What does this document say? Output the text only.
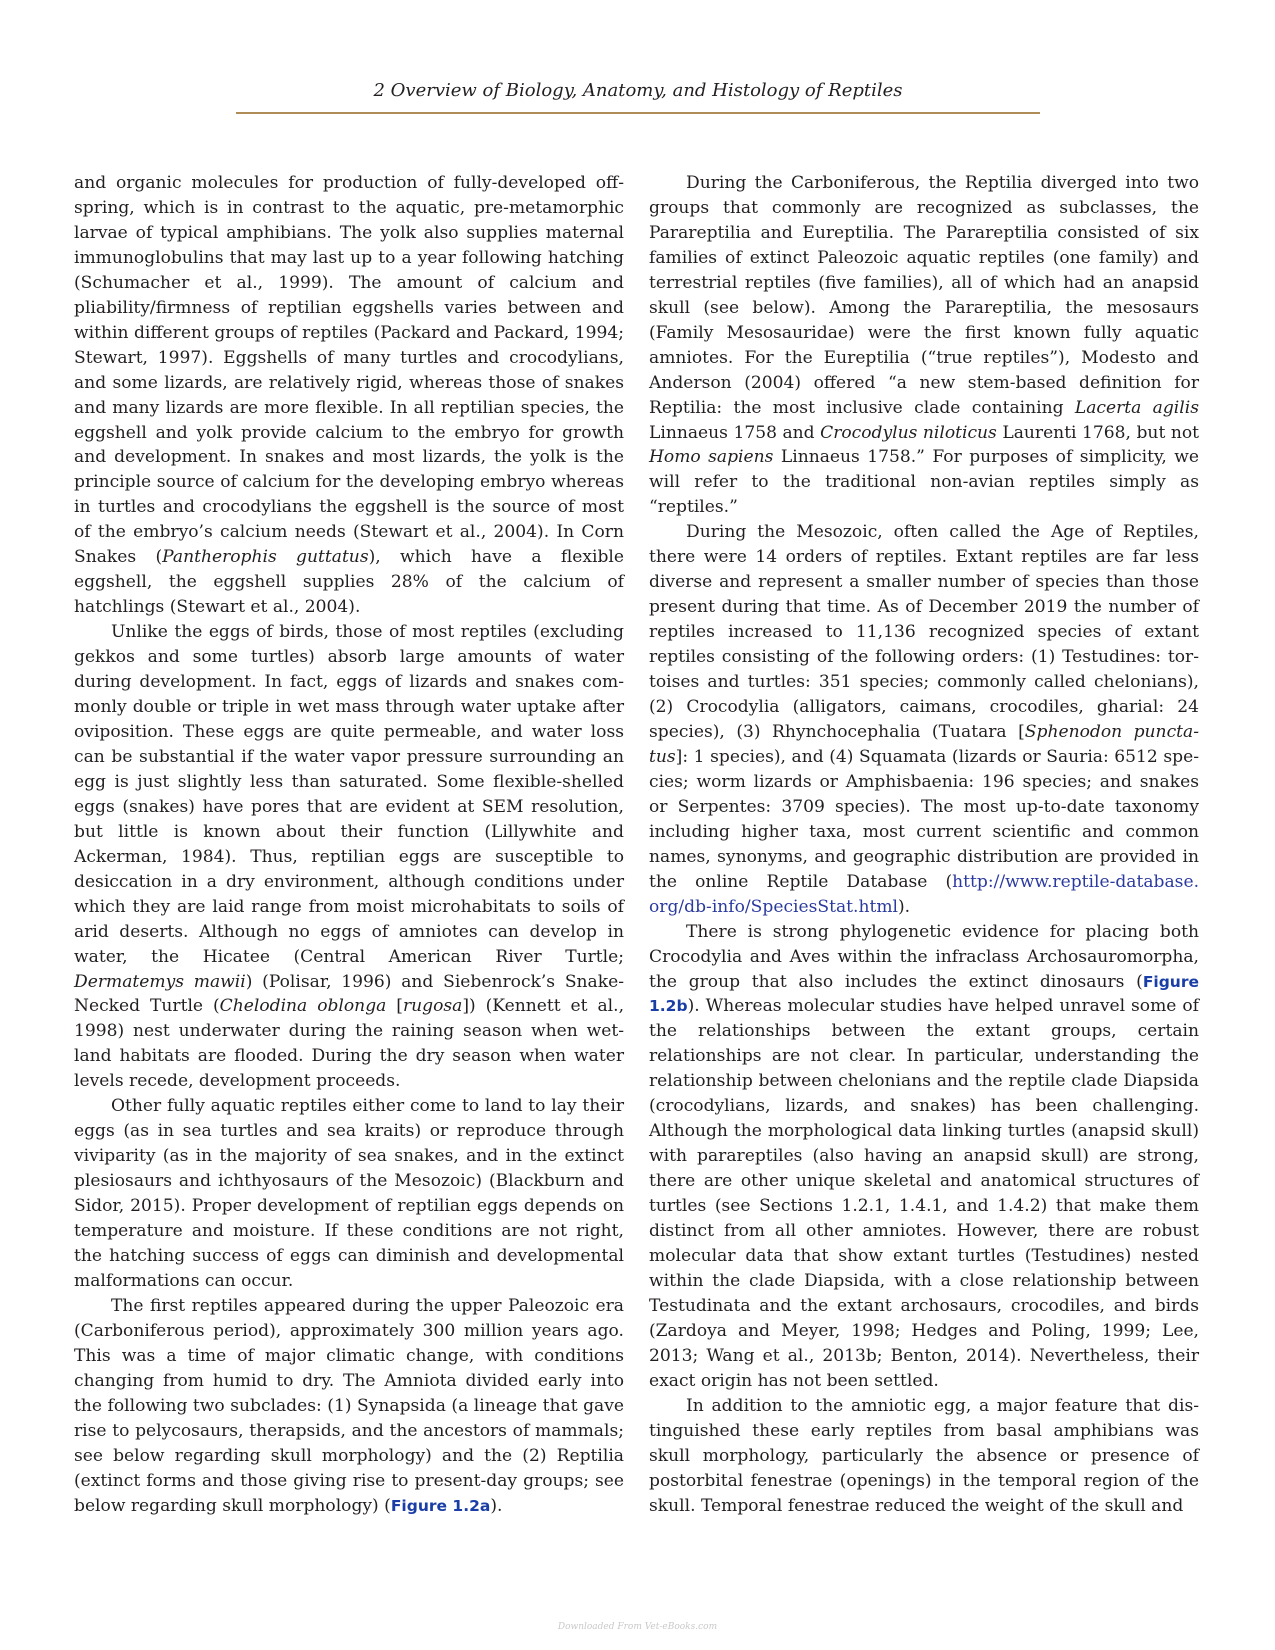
2 Overview of Biology, Anatomy, and Histology of Reptiles

and organic molecules for production of fully-developed offspring, which is in contrast to the aquatic, pre-metamorphic larvae of typical amphibians. The yolk also supplies maternal immunoglobulins that may last up to a year following hatching (Schumacher et al., 1999). The amount of calcium and pliability/firmness of reptilian eggshells varies between and within different groups of reptiles (Packard and Packard, 1994; Stewart, 1997). Eggshells of many turtles and crocodylians, and some lizards, are relatively rigid, whereas those of snakes and many lizards are more flexible. In all reptilian species, the eggshell and yolk provide calcium to the embryo for growth and development. In snakes and most lizards, the yolk is the principle source of calcium for the developing embryo whereas in turtles and crocodylians the eggshell is the source of most of the embryo’s calcium needs (Stewart et al., 2004). In Corn Snakes (Pantherophis guttatus), which have a flexible eggshell, the eggshell supplies 28% of the calcium of hatchlings (Stewart et al., 2004).

Unlike the eggs of birds, those of most reptiles (excluding gekkos and some turtles) absorb large amounts of water during development. In fact, eggs of lizards and snakes commonly double or triple in wet mass through water uptake after oviposition. These eggs are quite permeable, and water loss can be substantial if the water vapor pressure surrounding an egg is just slightly less than saturated. Some flexible-shelled eggs (snakes) have pores that are evident at SEM resolution, but little is known about their function (Lillywhite and Ackerman, 1984). Thus, reptilian eggs are susceptible to desiccation in a dry environment, although conditions under which they are laid range from moist microhabitats to soils of arid deserts. Although no eggs of amniotes can develop in water, the Hicatee (Central American River Turtle; Dermatemys mawii) (Polisar, 1996) and Siebenrock’s Snake-Necked Turtle (Chelodina oblonga [rugosa]) (Kennett et al., 1998) nest underwater during the raining season when wetland habitats are flooded. During the dry season when water levels recede, development proceeds.

Other fully aquatic reptiles either come to land to lay their eggs (as in sea turtles and sea kraits) or reproduce through viviparity (as in the majority of sea snakes, and in the extinct plesiosaurs and ichthyosaurs of the Mesozoic) (Blackburn and Sidor, 2015). Proper development of reptilian eggs depends on temperature and moisture. If these conditions are not right, the hatching success of eggs can diminish and developmental malformations can occur.

The first reptiles appeared during the upper Paleozoic era (Carboniferous period), approximately 300 million years ago. This was a time of major climatic change, with conditions changing from humid to dry. The Amniota divided early into the following two subclades: (1) Synapsida (a lineage that gave rise to pelycosaurs, therapsids, and the ancestors of mammals; see below regarding skull morphology) and the (2) Reptilia (extinct forms and those giving rise to present-day groups; see below regarding skull morphology) (Figure 1.2a).

During the Carboniferous, the Reptilia diverged into two groups that commonly are recognized as subclasses, the Parareptilia and Eureptilia. The Parareptilia consisted of six families of extinct Paleozoic aquatic reptiles (one family) and terrestrial reptiles (five families), all of which had an anapsid skull (see below). Among the Parareptilia, the mesosaurs (Family Mesosauridae) were the first known fully aquatic amniotes. For the Eureptilia (“true reptiles”), Modesto and Anderson (2004) offered “a new stem-based definition for Reptilia: the most inclusive clade containing Lacerta agilis Linnaeus 1758 and Crocodylus niloticus Laurenti 1768, but not Homo sapiens Linnaeus 1758.” For purposes of simplicity, we will refer to the traditional non-avian reptiles simply as “reptiles.”

During the Mesozoic, often called the Age of Reptiles, there were 14 orders of reptiles. Extant reptiles are far less diverse and represent a smaller number of species than those present during that time. As of December 2019 the number of reptiles increased to 11,136 recognized species of extant reptiles consisting of the following orders: (1) Testudines: tortoises and turtles: 351 species; commonly called chelonians), (2) Crocodylia (alligators, caimans, crocodiles, gharial: 24 species), (3) Rhynchocephalia (Tuatara [Sphenodon punctatus]: 1 species), and (4) Squamata (lizards or Sauria: 6512 species; worm lizards or Amphisbaenia: 196 species; and snakes or Serpentes: 3709 species). The most up-to-date taxonomy including higher taxa, most current scientific and common names, synonyms, and geographic distribution are provided in the online Reptile Database (http://www.reptile-database.​org/db-info/SpeciesStat.html).

There is strong phylogenetic evidence for placing both Crocodylia and Aves within the infraclass Archosauromorpha, the group that also includes the extinct dinosaurs (Figure 1.2b). Whereas molecular studies have helped unravel some of the relationships between the extant groups, certain relationships are not clear. In particular, understanding the relationship between chelonians and the reptile clade Diapsida (crocodylians, lizards, and snakes) has been challenging. Although the morphological data linking turtles (anapsid skull) with parareptiles (also having an anapsid skull) are strong, there are other unique skeletal and anatomical structures of turtles (see Sections 1.2.1, 1.4.1, and 1.4.2) that make them distinct from all other amniotes. However, there are robust molecular data that show extant turtles (Testudines) nested within the clade Diapsida, with a close relationship between Testudinata and the extant archosaurs, crocodiles, and birds (Zardoya and Meyer, 1998; Hedges and Poling, 1999; Lee, 2013; Wang et al., 2013b; Benton, 2014). Nevertheless, their exact origin has not been settled.

In addition to the amniotic egg, a major feature that distinguished these early reptiles from basal amphibians was skull morphology, particularly the absence or presence of postorbital fenestrae (openings) in the temporal region of the skull. Temporal fenestrae reduced the weight of the skull and

Downloaded From Vet-eBooks.com
